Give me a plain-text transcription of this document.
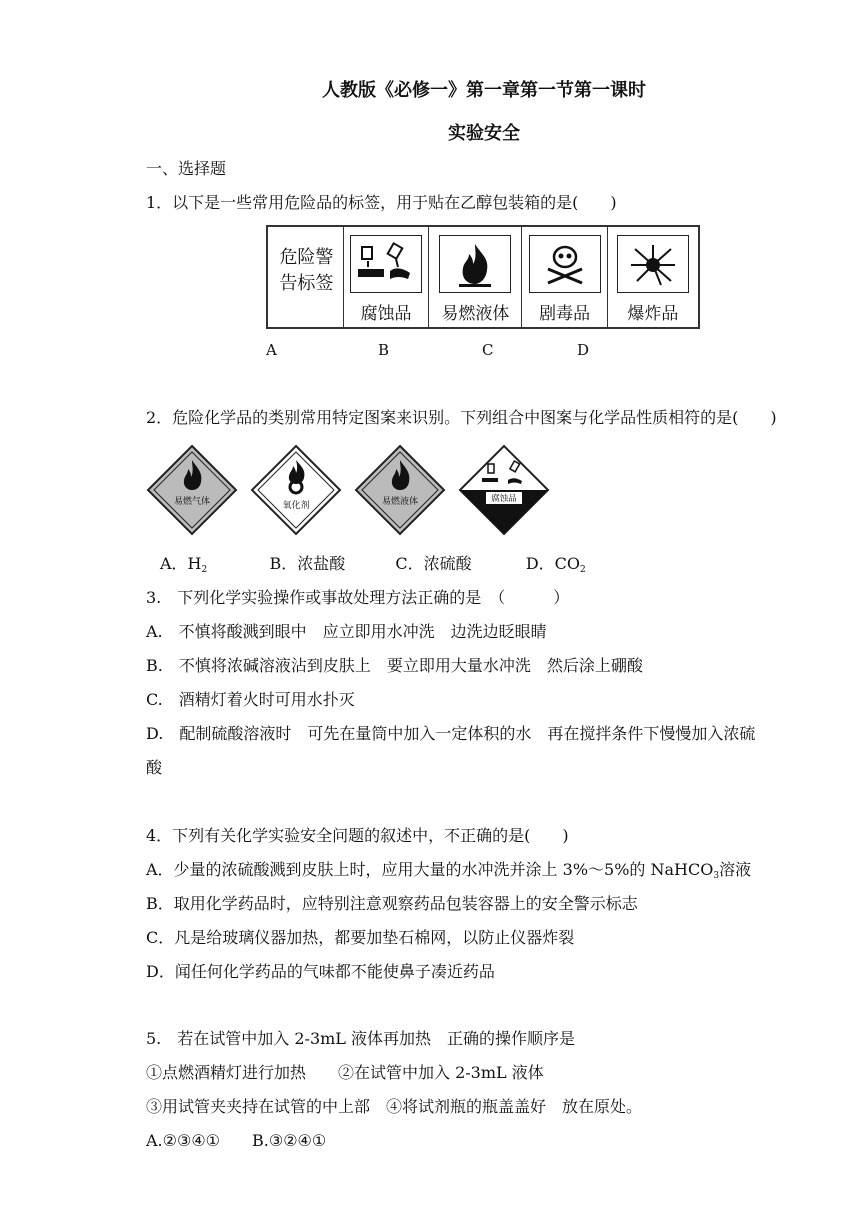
人教版《必修一》第一章第一节第一课时
实验安全
一、选择题
1．以下是一些常用危险品的标签，用于贴在乙醇包装箱的是(　　)
危险警
告标签
腐蚀品 易燃液体 剧毒品 爆炸品
A	B	C	D
2．危险化学品的类别常用特定图案来识别。下列组合中图案与化学品性质相符的是(　　)
易燃气体	氧化剂	易燃液体	腐蚀品
A．$H_2$	B．浓盐酸	C．浓硫酸	D．$CO_2$
3.　下列化学实验操作或事故处理方法正确的是　（　　　）
A.　不慎将酸溅到眼中　应立即用水冲洗　边洗边眨眼睛
B.　不慎将浓碱溶液沾到皮肤上　要立即用大量水冲洗　然后涂上硼酸
C.　酒精灯着火时可用水扑灭
D.　配制硫酸溶液时　可先在量筒中加入一定体积的水　再在搅拌条件下慢慢加入浓硫
酸
4．下列有关化学实验安全问题的叙述中，不正确的是(　　)
A．少量的浓硫酸溅到皮肤上时，应用大量的水冲洗并涂上 3%～5%的 NaHCO$_3$溶液
B．取用化学药品时，应特别注意观察药品包装容器上的安全警示标志
C．凡是给玻璃仪器加热，都要加垫石棉网，以防止仪器炸裂
D．闻任何化学药品的气味都不能使鼻子凑近药品
5.　若在试管中加入 2-3mL 液体再加热　正确的操作顺序是
①点燃酒精灯进行加热　　②在试管中加入 2-3mL 液体
③用试管夹夹持在试管的中上部　④将试剂瓶的瓶盖盖好　放在原处。
A.②③④①　　B.③②④①
